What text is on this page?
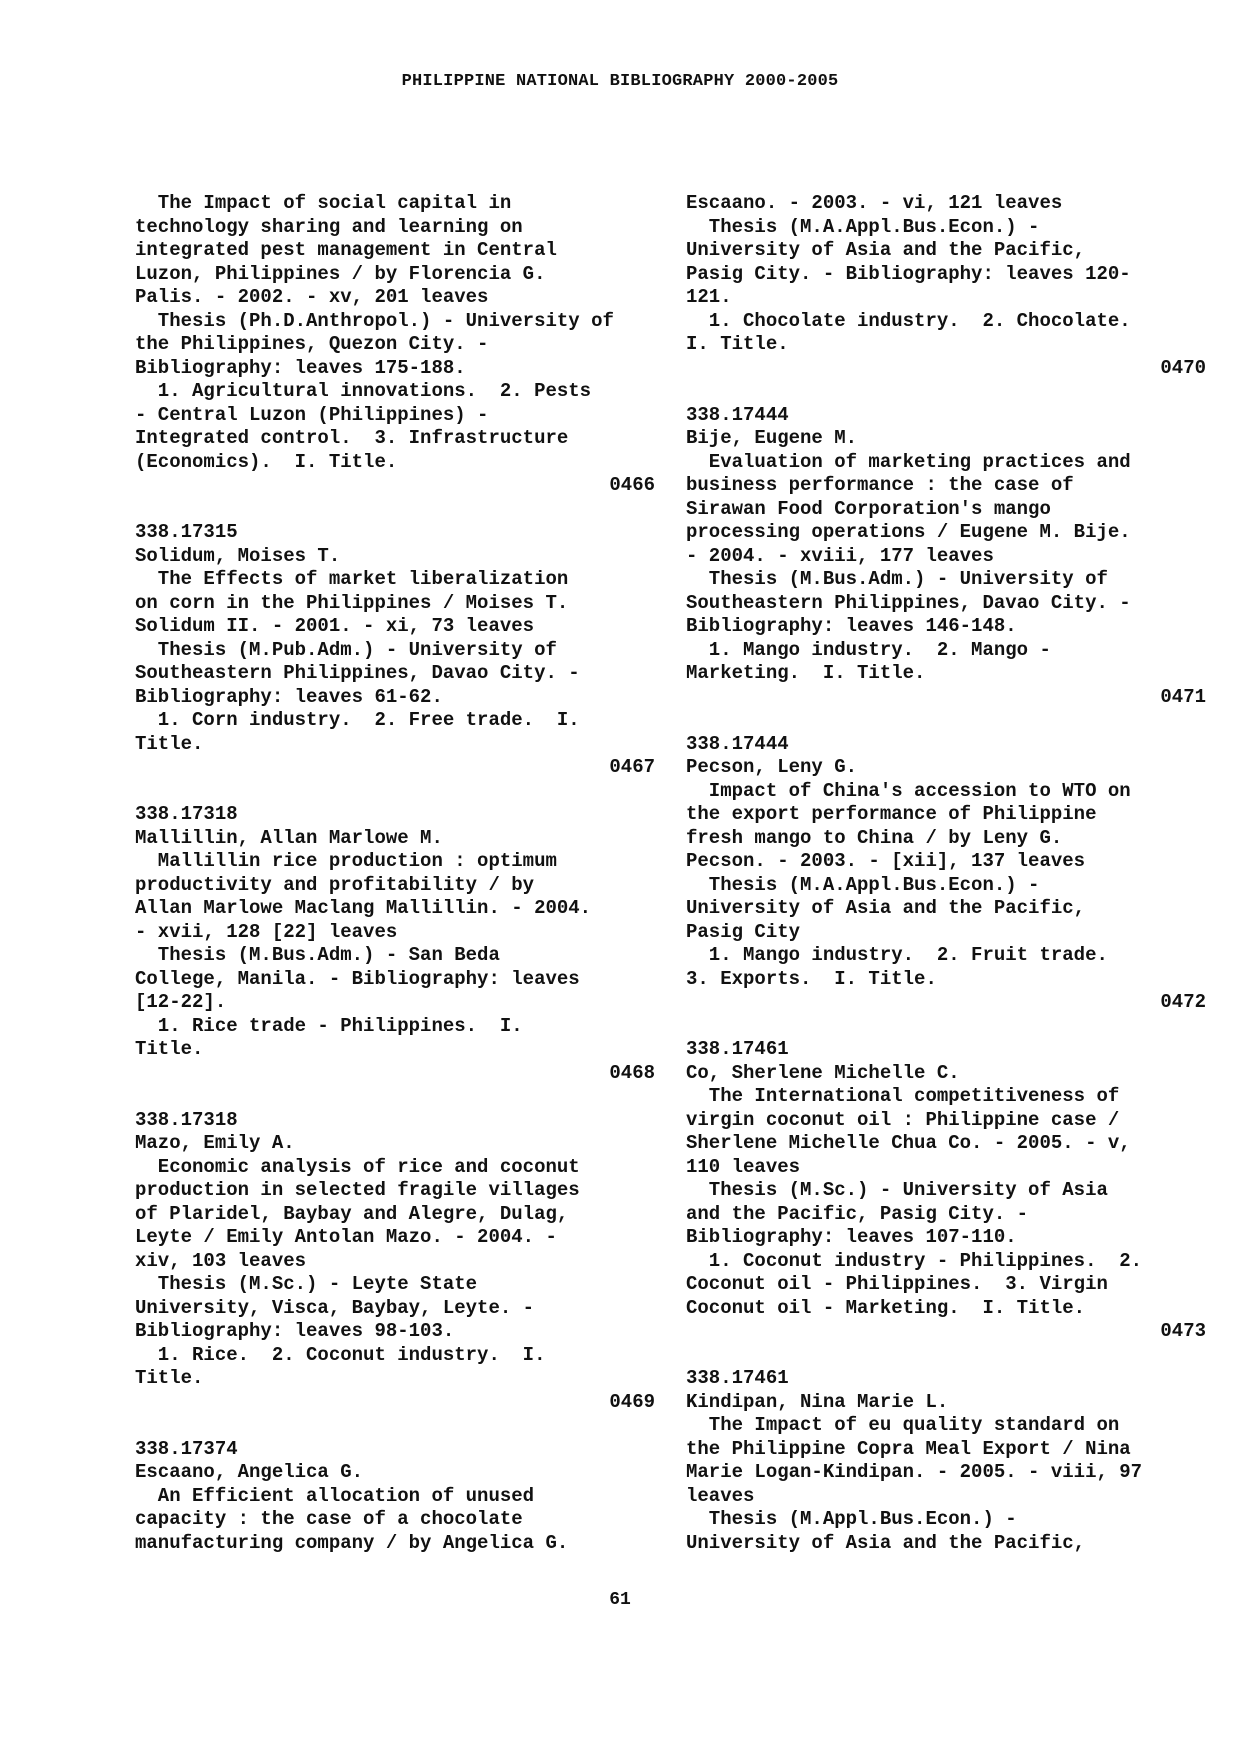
PHILIPPINE NATIONAL BIBLIOGRAPHY 2000-2005
The Impact of social capital in
technology sharing and learning on
integrated pest management in Central
Luzon, Philippines / by Florencia G.
Palis. - 2002. - xv, 201 leaves
Thesis (Ph.D.Anthropol.) - University of
the Philippines, Quezon City. -
Bibliography: leaves 175-188.
1. Agricultural innovations.  2. Pests
- Central Luzon (Philippines) -
Integrated control.  3. Infrastructure
(Economics).  I. Title.
0466
338.17315
Solidum, Moises T.
The Effects of market liberalization
on corn in the Philippines / Moises T.
Solidum II. - 2001. - xi, 73 leaves
Thesis (M.Pub.Adm.) - University of
Southeastern Philippines, Davao City. -
Bibliography: leaves 61-62.
1. Corn industry.  2. Free trade.  I.
Title.
0467
338.17318
Mallillin, Allan Marlowe M.
Mallillin rice production : optimum
productivity and profitability / by
Allan Marlowe Maclang Mallillin. - 2004.
- xvii, 128 [22] leaves
Thesis (M.Bus.Adm.) - San Beda
College, Manila. - Bibliography: leaves
[12-22].
1. Rice trade - Philippines.  I.
Title.
0468
338.17318
Mazo, Emily A.
Economic analysis of rice and coconut
production in selected fragile villages
of Plaridel, Baybay and Alegre, Dulag,
Leyte / Emily Antolan Mazo. - 2004. -
xiv, 103 leaves
Thesis (M.Sc.) - Leyte State
University, Visca, Baybay, Leyte. -
Bibliography: leaves 98-103.
1. Rice.  2. Coconut industry.  I.
Title.
0469
338.17374
Escaano, Angelica G.
An Efficient allocation of unused
capacity : the case of a chocolate
manufacturing company / by Angelica G.
Escaano. - 2003. - vi, 121 leaves
Thesis (M.A.Appl.Bus.Econ.) -
University of Asia and the Pacific,
Pasig City. - Bibliography: leaves 120-
121.
1. Chocolate industry.  2. Chocolate.
I. Title.
0470
338.17444
Bije, Eugene M.
Evaluation of marketing practices and
business performance : the case of
Sirawan Food Corporation's mango
processing operations / Eugene M. Bije.
- 2004. - xviii, 177 leaves
Thesis (M.Bus.Adm.) - University of
Southeastern Philippines, Davao City. -
Bibliography: leaves 146-148.
1. Mango industry.  2. Mango -
Marketing.  I. Title.
0471
338.17444
Pecson, Leny G.
Impact of China's accession to WTO on
the export performance of Philippine
fresh mango to China / by Leny G.
Pecson. - 2003. - [xii], 137 leaves
Thesis (M.A.Appl.Bus.Econ.) -
University of Asia and the Pacific,
Pasig City
1. Mango industry.  2. Fruit trade.
3. Exports.  I. Title.
0472
338.17461
Co, Sherlene Michelle C.
The International competitiveness of
virgin coconut oil : Philippine case /
Sherlene Michelle Chua Co. - 2005. - v,
110 leaves
Thesis (M.Sc.) - University of Asia
and the Pacific, Pasig City. -
Bibliography: leaves 107-110.
1. Coconut industry - Philippines.  2.
Coconut oil - Philippines.  3. Virgin
Coconut oil - Marketing.  I. Title.
0473
338.17461
Kindipan, Nina Marie L.
The Impact of eu quality standard on
the Philippine Copra Meal Export / Nina
Marie Logan-Kindipan. - 2005. - viii, 97
leaves
Thesis (M.Appl.Bus.Econ.) -
University of Asia and the Pacific,
61
